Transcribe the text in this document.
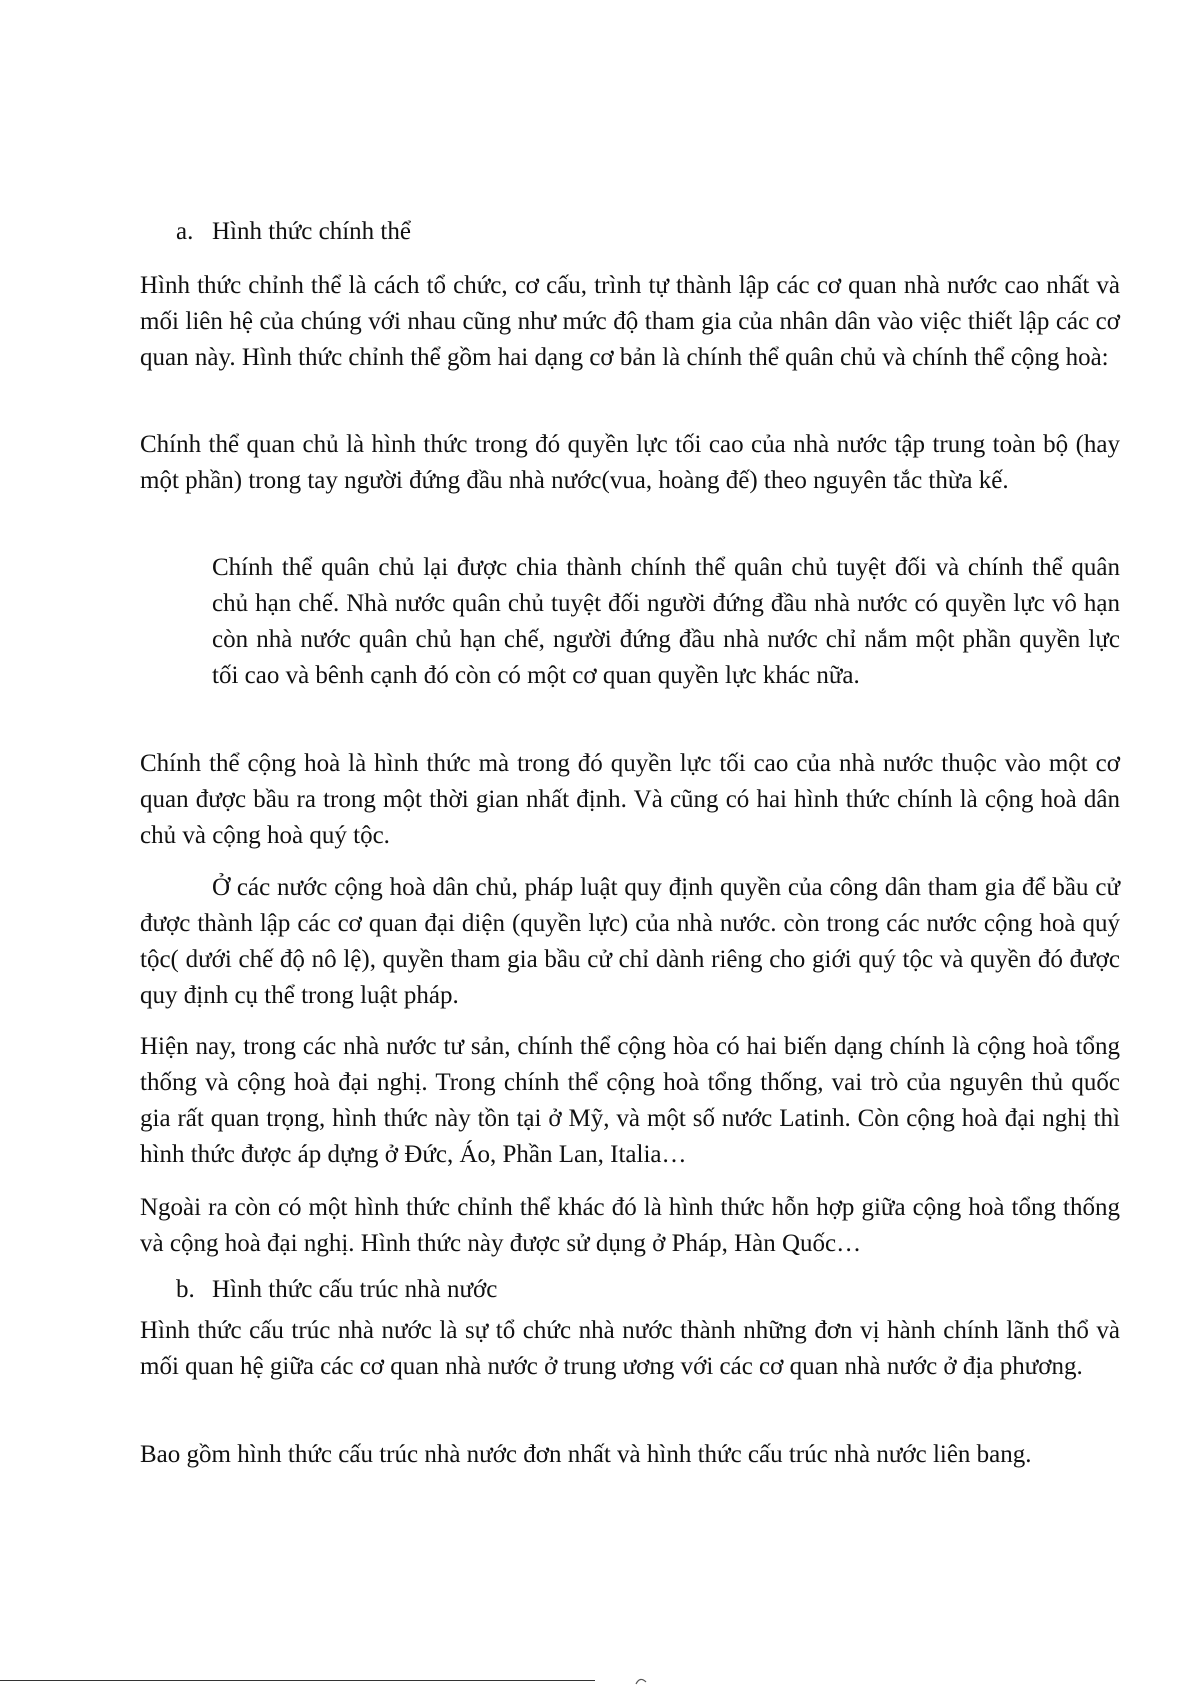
a. Hình thức chính thể

Hình thức chỉnh thể là cách tổ chức, cơ cấu, trình tự thành lập các cơ quan nhà nước cao nhất và mối liên hệ của chúng với nhau cũng như mức độ tham gia của nhân dân vào việc thiết lập các cơ quan này. Hình thức chỉnh thể gồm hai dạng cơ bản là chính thể quân chủ và chính thể cộng hoà:

Chính thể quan chủ là hình thức trong đó quyền lực tối cao của nhà nước tập trung toàn bộ (hay một phần) trong tay người đứng đầu nhà nước(vua, hoàng đế) theo nguyên tắc thừa kế.

Chính thể quân chủ lại được chia thành chính thể quân chủ tuyệt đối và chính thể quân chủ hạn chế. Nhà nước quân chủ tuyệt đối người đứng đầu nhà nước có quyền lực vô hạn còn nhà nước quân chủ hạn chế, người đứng đầu nhà nước chỉ nắm một phần quyền lực tối cao và bênh cạnh đó còn có một cơ quan quyền lực khác nữa.

Chính thể cộng hoà là hình thức mà trong đó quyền lực tối cao của nhà nước thuộc vào một cơ quan được bầu ra trong một thời gian nhất định. Và cũng có hai hình thức chính là cộng hoà dân chủ và cộng hoà quý tộc.

Ở các nước cộng hoà dân chủ, pháp luật quy định quyền của công dân tham gia để bầu cử được thành lập các cơ quan đại diện (quyền lực) của nhà nước. còn trong các nước cộng hoà quý tộc( dưới chế độ nô lệ), quyền tham gia bầu cử chỉ dành riêng cho giới quý tộc và quyền đó được quy định cụ thể trong luật pháp.

Hiện nay, trong các nhà nước tư sản, chính thể cộng hòa có hai biến dạng chính là cộng hoà tổng thống và cộng hoà đại nghị. Trong chính thể cộng hoà tổng thống, vai trò của nguyên thủ quốc gia rất quan trọng, hình thức này tồn tại ở Mỹ, và một số nước Latinh. Còn cộng hoà đại nghị thì hình thức được áp dựng ở Đức, Áo, Phần Lan, Italia…

Ngoài ra còn có một hình thức chỉnh thể khác đó là hình thức hỗn hợp giữa cộng hoà tổng thống và cộng hoà đại nghị. Hình thức này được sử dụng ở Pháp, Hàn Quốc…

b. Hình thức cấu trúc nhà nước

Hình thức cấu trúc nhà nước là sự tổ chức nhà nước thành những đơn vị hành chính lãnh thổ và mối quan hệ giữa các cơ quan nhà nước ở trung ương với các cơ quan nhà nước ở địa phương.

Bao gồm hình thức cấu trúc nhà nước đơn nhất và hình thức cấu trúc nhà nước liên bang.
